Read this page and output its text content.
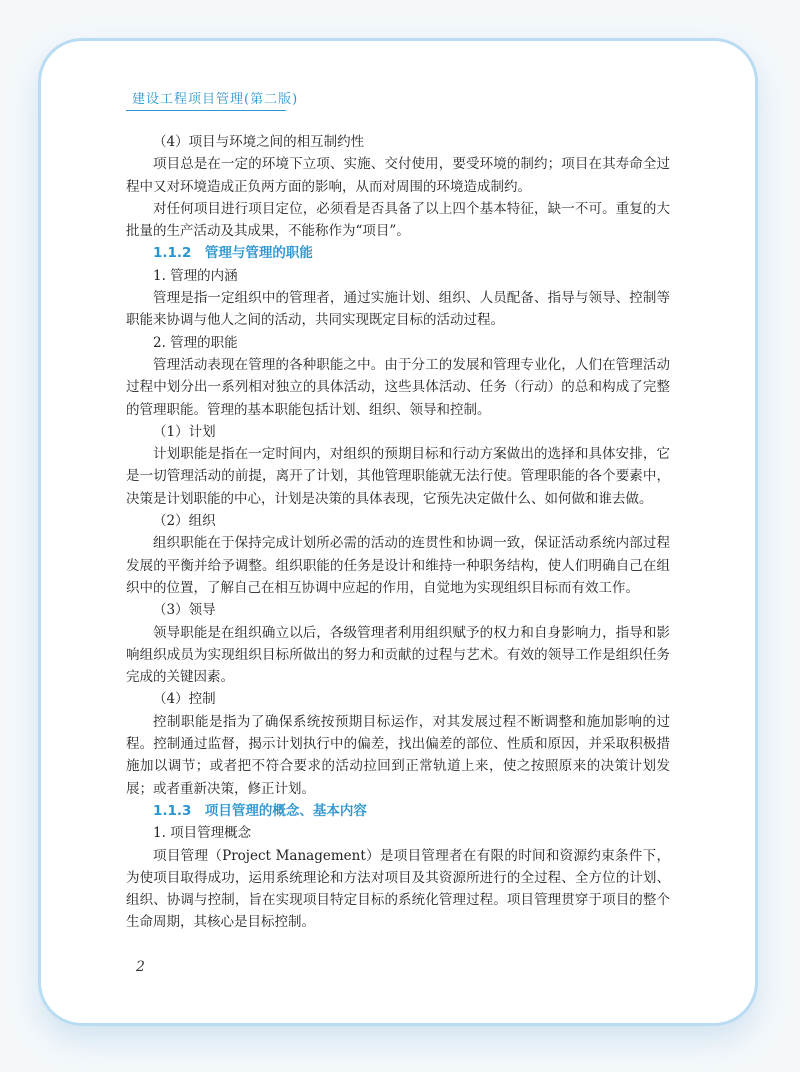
建设工程项目管理(第二版)

（4）项目与环境之间的相互制约性

项目总是在一定的环境下立项、实施、交付使用，要受环境的制约；项目在其寿命全过程中又对环境造成正负两方面的影响，从而对周围的环境造成制约。

对任何项目进行项目定位，必须看是否具备了以上四个基本特征，缺一不可。重复的大批量的生产活动及其成果，不能称作为“项目”。

1.1.2　管理与管理的职能

1. 管理的内涵

管理是指一定组织中的管理者，通过实施计划、组织、人员配备、指导与领导、控制等职能来协调与他人之间的活动，共同实现既定目标的活动过程。

2. 管理的职能

管理活动表现在管理的各种职能之中。由于分工的发展和管理专业化，人们在管理活动过程中划分出一系列相对独立的具体活动，这些具体活动、任务（行动）的总和构成了完整的管理职能。管理的基本职能包括计划、组织、领导和控制。

（1）计划

计划职能是指在一定时间内，对组织的预期目标和行动方案做出的选择和具体安排，它是一切管理活动的前提，离开了计划，其他管理职能就无法行使。管理职能的各个要素中，决策是计划职能的中心，计划是决策的具体表现，它预先决定做什么、如何做和谁去做。

（2）组织

组织职能在于保持完成计划所必需的活动的连贯性和协调一致，保证活动系统内部过程发展的平衡并给予调整。组织职能的任务是设计和维持一种职务结构，使人们明确自己在组织中的位置，了解自己在相互协调中应起的作用，自觉地为实现组织目标而有效工作。

（3）领导

领导职能是在组织确立以后，各级管理者利用组织赋予的权力和自身影响力，指导和影响组织成员为实现组织目标所做出的努力和贡献的过程与艺术。有效的领导工作是组织任务完成的关键因素。

（4）控制

控制职能是指为了确保系统按预期目标运作，对其发展过程不断调整和施加影响的过程。控制通过监督，揭示计划执行中的偏差，找出偏差的部位、性质和原因，并采取积极措施加以调节；或者把不符合要求的活动拉回到正常轨道上来，使之按照原来的决策计划发展；或者重新决策，修正计划。

1.1.3　项目管理的概念、基本内容

1. 项目管理概念

项目管理（Project Management）是项目管理者在有限的时间和资源约束条件下，为使项目取得成功，运用系统理论和方法对项目及其资源所进行的全过程、全方位的计划、组织、协调与控制，旨在实现项目特定目标的系统化管理过程。项目管理贯穿于项目的整个生命周期，其核心是目标控制。

2
